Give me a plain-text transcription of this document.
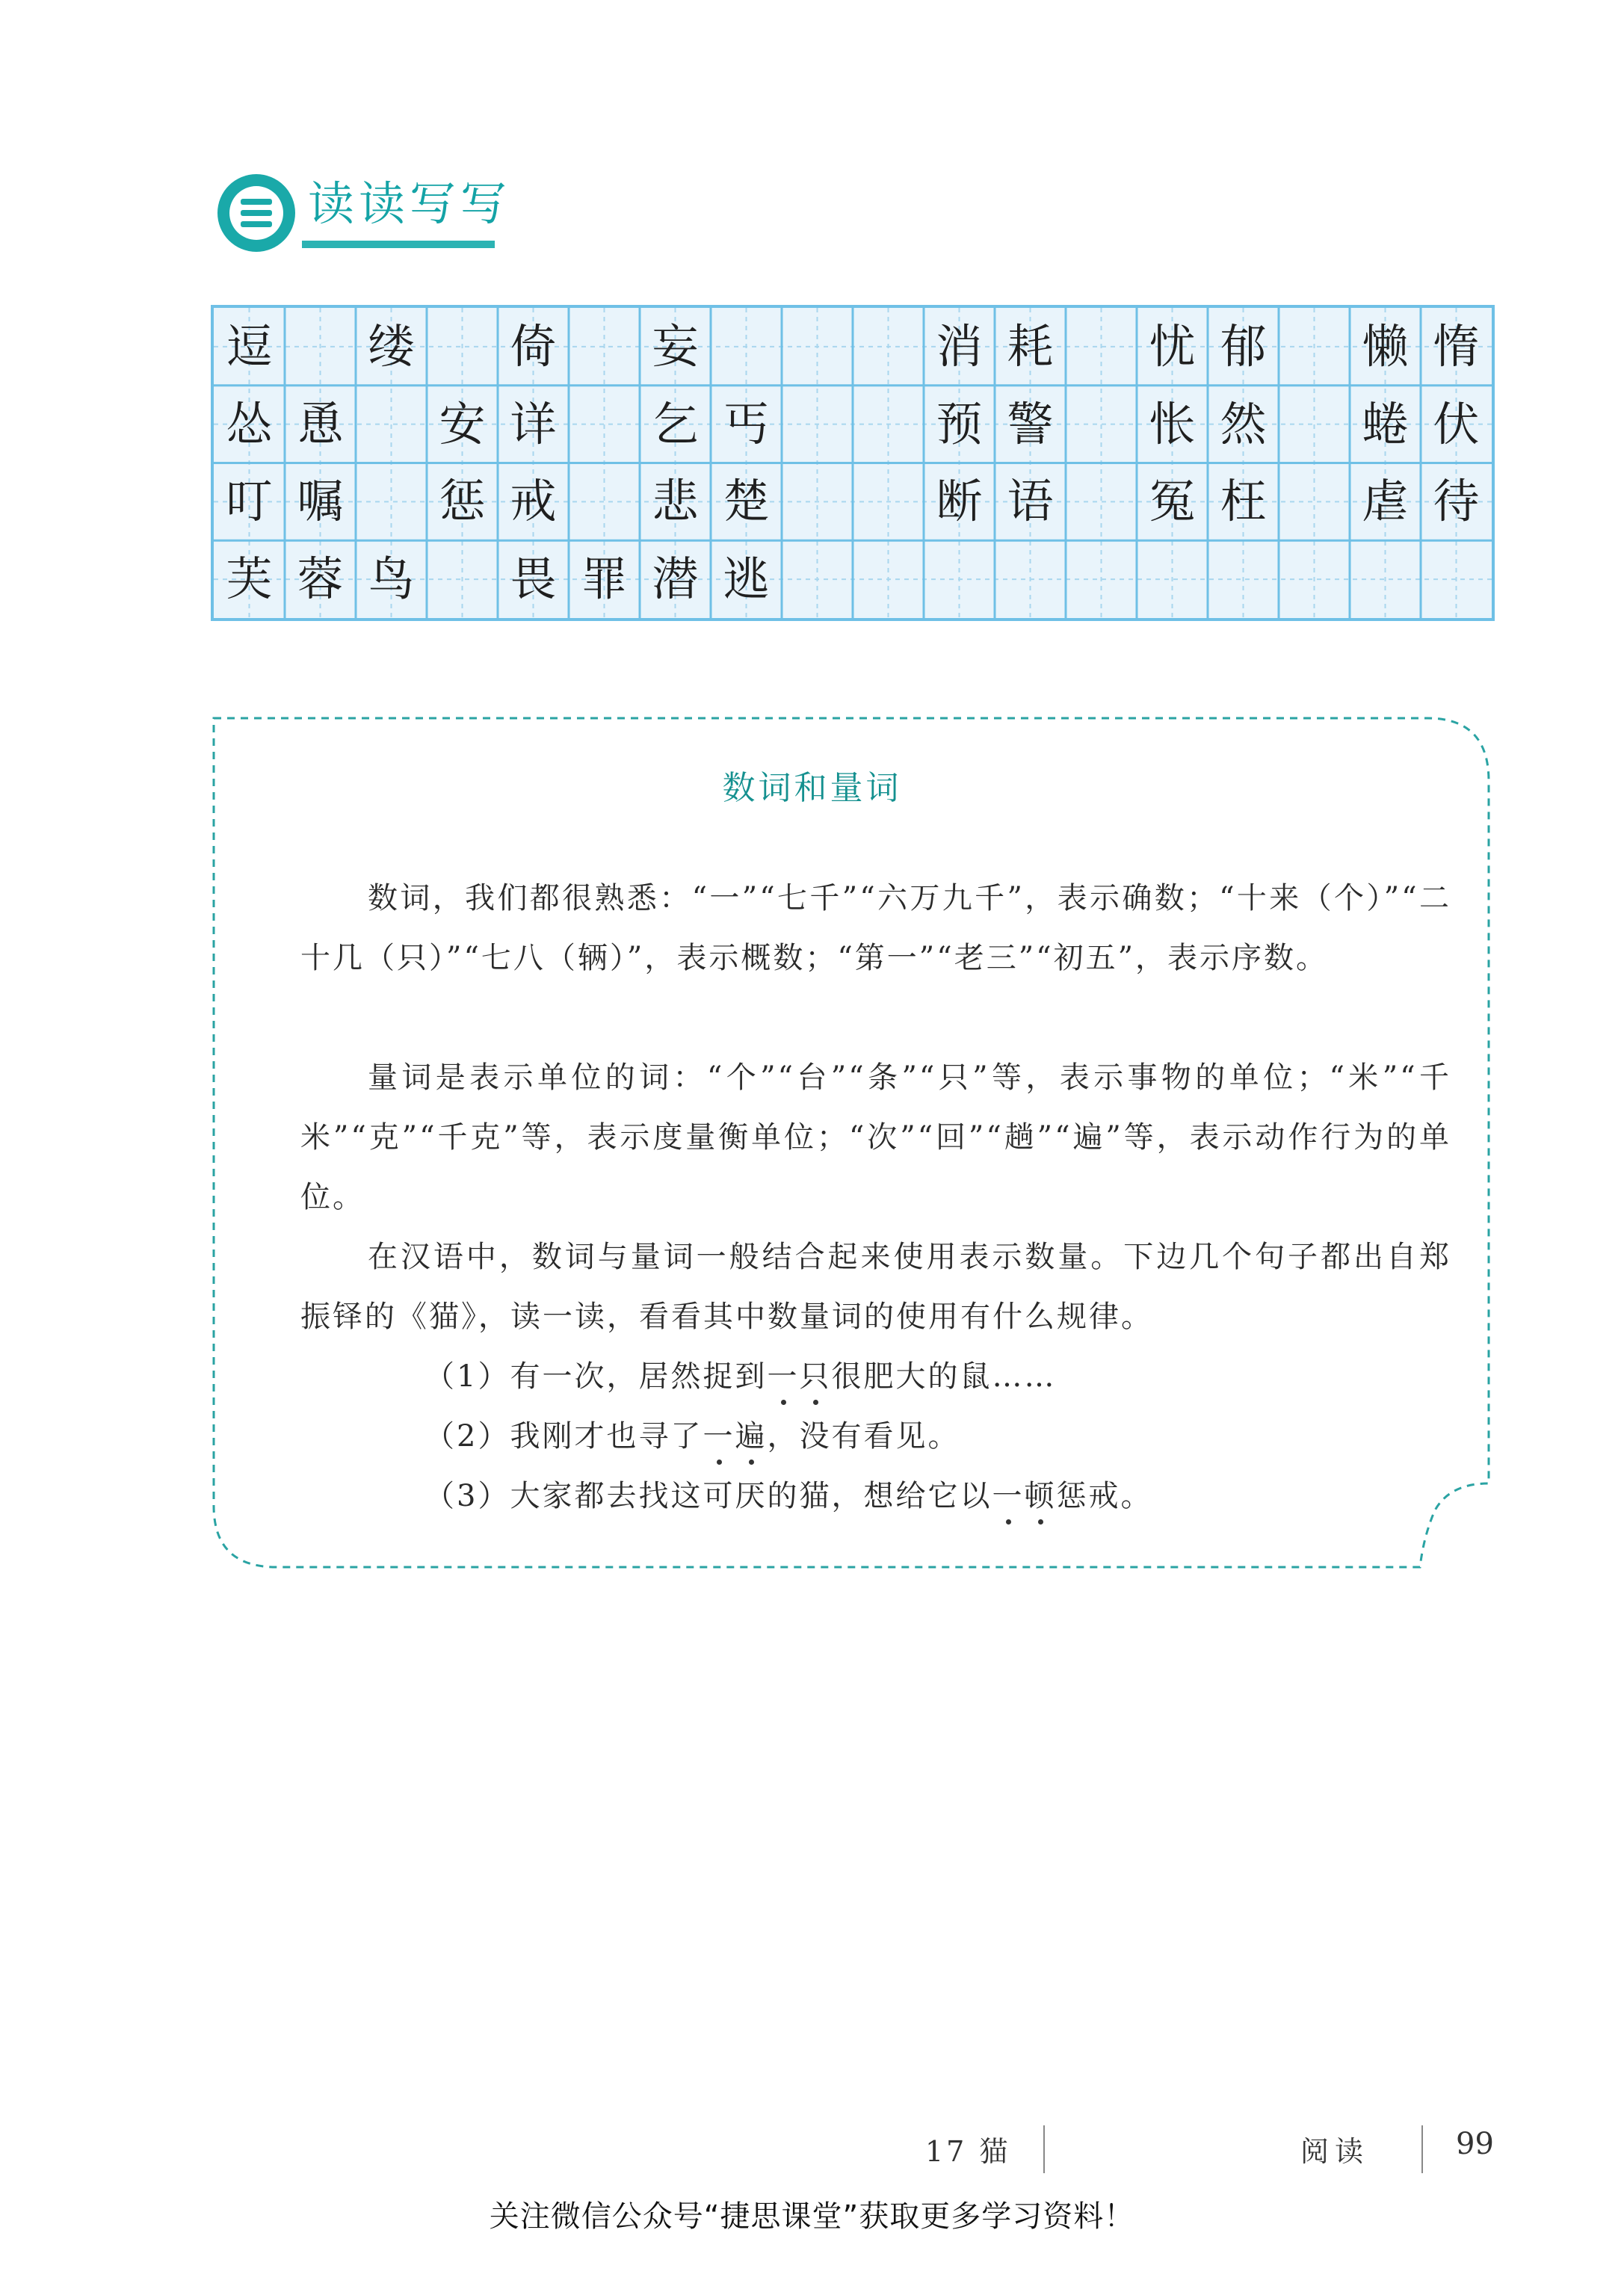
读读写写
逗 缕 倚 妄	消 耗 忧 郁 懒 惰
怂 恿 安 详 乞 丐	预 警 怅 然 蜷 伏
叮 嘱 惩 戒 悲 楚	断 语 冤 枉 虐 待
芙 蓉 鸟 畏 罪 潜 逃
数词和量词
数词，我们都很熟悉：“一”“七千”“六万九千”，表示确数；“十来（个）”“二十几（只）”“七八（辆）”，表示概数；“第一”“老三”“初五”，表示序数。
量词是表示单位的词：“个”“台”“条”“只”等，表示事物的单位；“米”“千米”“克”“千克”等，表示度量衡单位；“次”“回”“趟”“遍”等，表示动作行为的单位。
在汉语中，数词与量词一般结合起来使用表示数量。下边几个句子都出自郑振铎的《猫》，读一读，看看其中数量词的使用有什么规律。
（1）有一次，居然捉到一只很肥大的鼠……
（2）我刚才也寻了一遍，没有看见。
（3）大家都去找这可厌的猫，想给它以一顿惩戒。
17 猫	阅读	99
关注微信公众号“捷思课堂”获取更多学习资料！
